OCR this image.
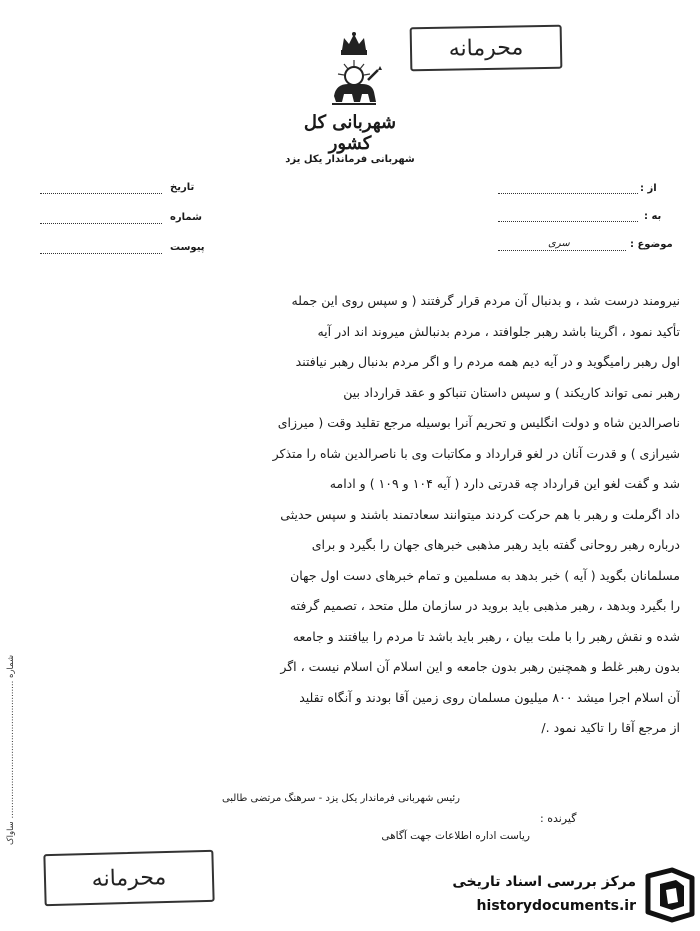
محرمانه
شهربانی کل کشور
شهربانی فرماندار یکل یزد
تاریخ
شماره
پیوست
از :
به :
موضوع :
سری
نیرومند درست شد ، و بدنبال آن مردم قرار گرفتند ( و سپس روی این جمله
تأکید نمود ، اگرینا باشد رهبر جلوافتد ، مردم بدنبالش میروند اند ادر آیه
اول رهبر رامیگوید و در آیه دیم همه مردم را و اگر مردم بدنبال رهبر نیافتند
رهبر نمی تواند کاریکند ) و سپس داستان تنباکو و عقد قرارداد بین
ناصرالدین شاه و دولت انگلیس و تحریم آنرا بوسیله مرجع تقلید وقت ( میرزای
شیرازی ) و قدرت آنان در لغو قرارداد و مکاتبات وی با ناصرالدین شاه را متذکر
شد و گفت لغو این قرارداد چه قدرتی دارد ( آیه ۱۰۴ و ۱۰۹ ) و ادامه
داد اگرملت و رهبر با هم حرکت کردند میتوانند سعادتمند باشند و سپس حدیثی
درباره رهبر روحانی گفته باید رهبر مذهبی خبرهای جهان را بگیرد و برای
مسلمانان بگوید ( آیه ) خبر بدهد به مسلمین و تمام خبرهای دست اول جهان
را بگیرد وبدهد ، رهبر مذهبی باید بروید در سازمان ملل متحد ، تصمیم گرفته
شده و نقش رهبر را با ملت بیان ، رهبر باید باشد تا مردم را بیافتند و جامعه
بدون رهبر غلط و همچنین رهبر بدون جامعه و این اسلام آن اسلام نیست ، اگر
آن اسلام اجرا میشد ۸۰۰ میلیون مسلمان روی زمین آقا بودند و آنگاه تقلید
از مرجع آقا را تاکید نمود ./
رئیس شهربانی فرماندار یکل یزد - سرهنگ مرتضی طالبی
گیرنده :
ریاست اداره اطلاعات جهت آگاهی
شماره ................................................... ساواک
محرمانه	مرکز بررسی اسناد تاریخی
historydocuments.ir
